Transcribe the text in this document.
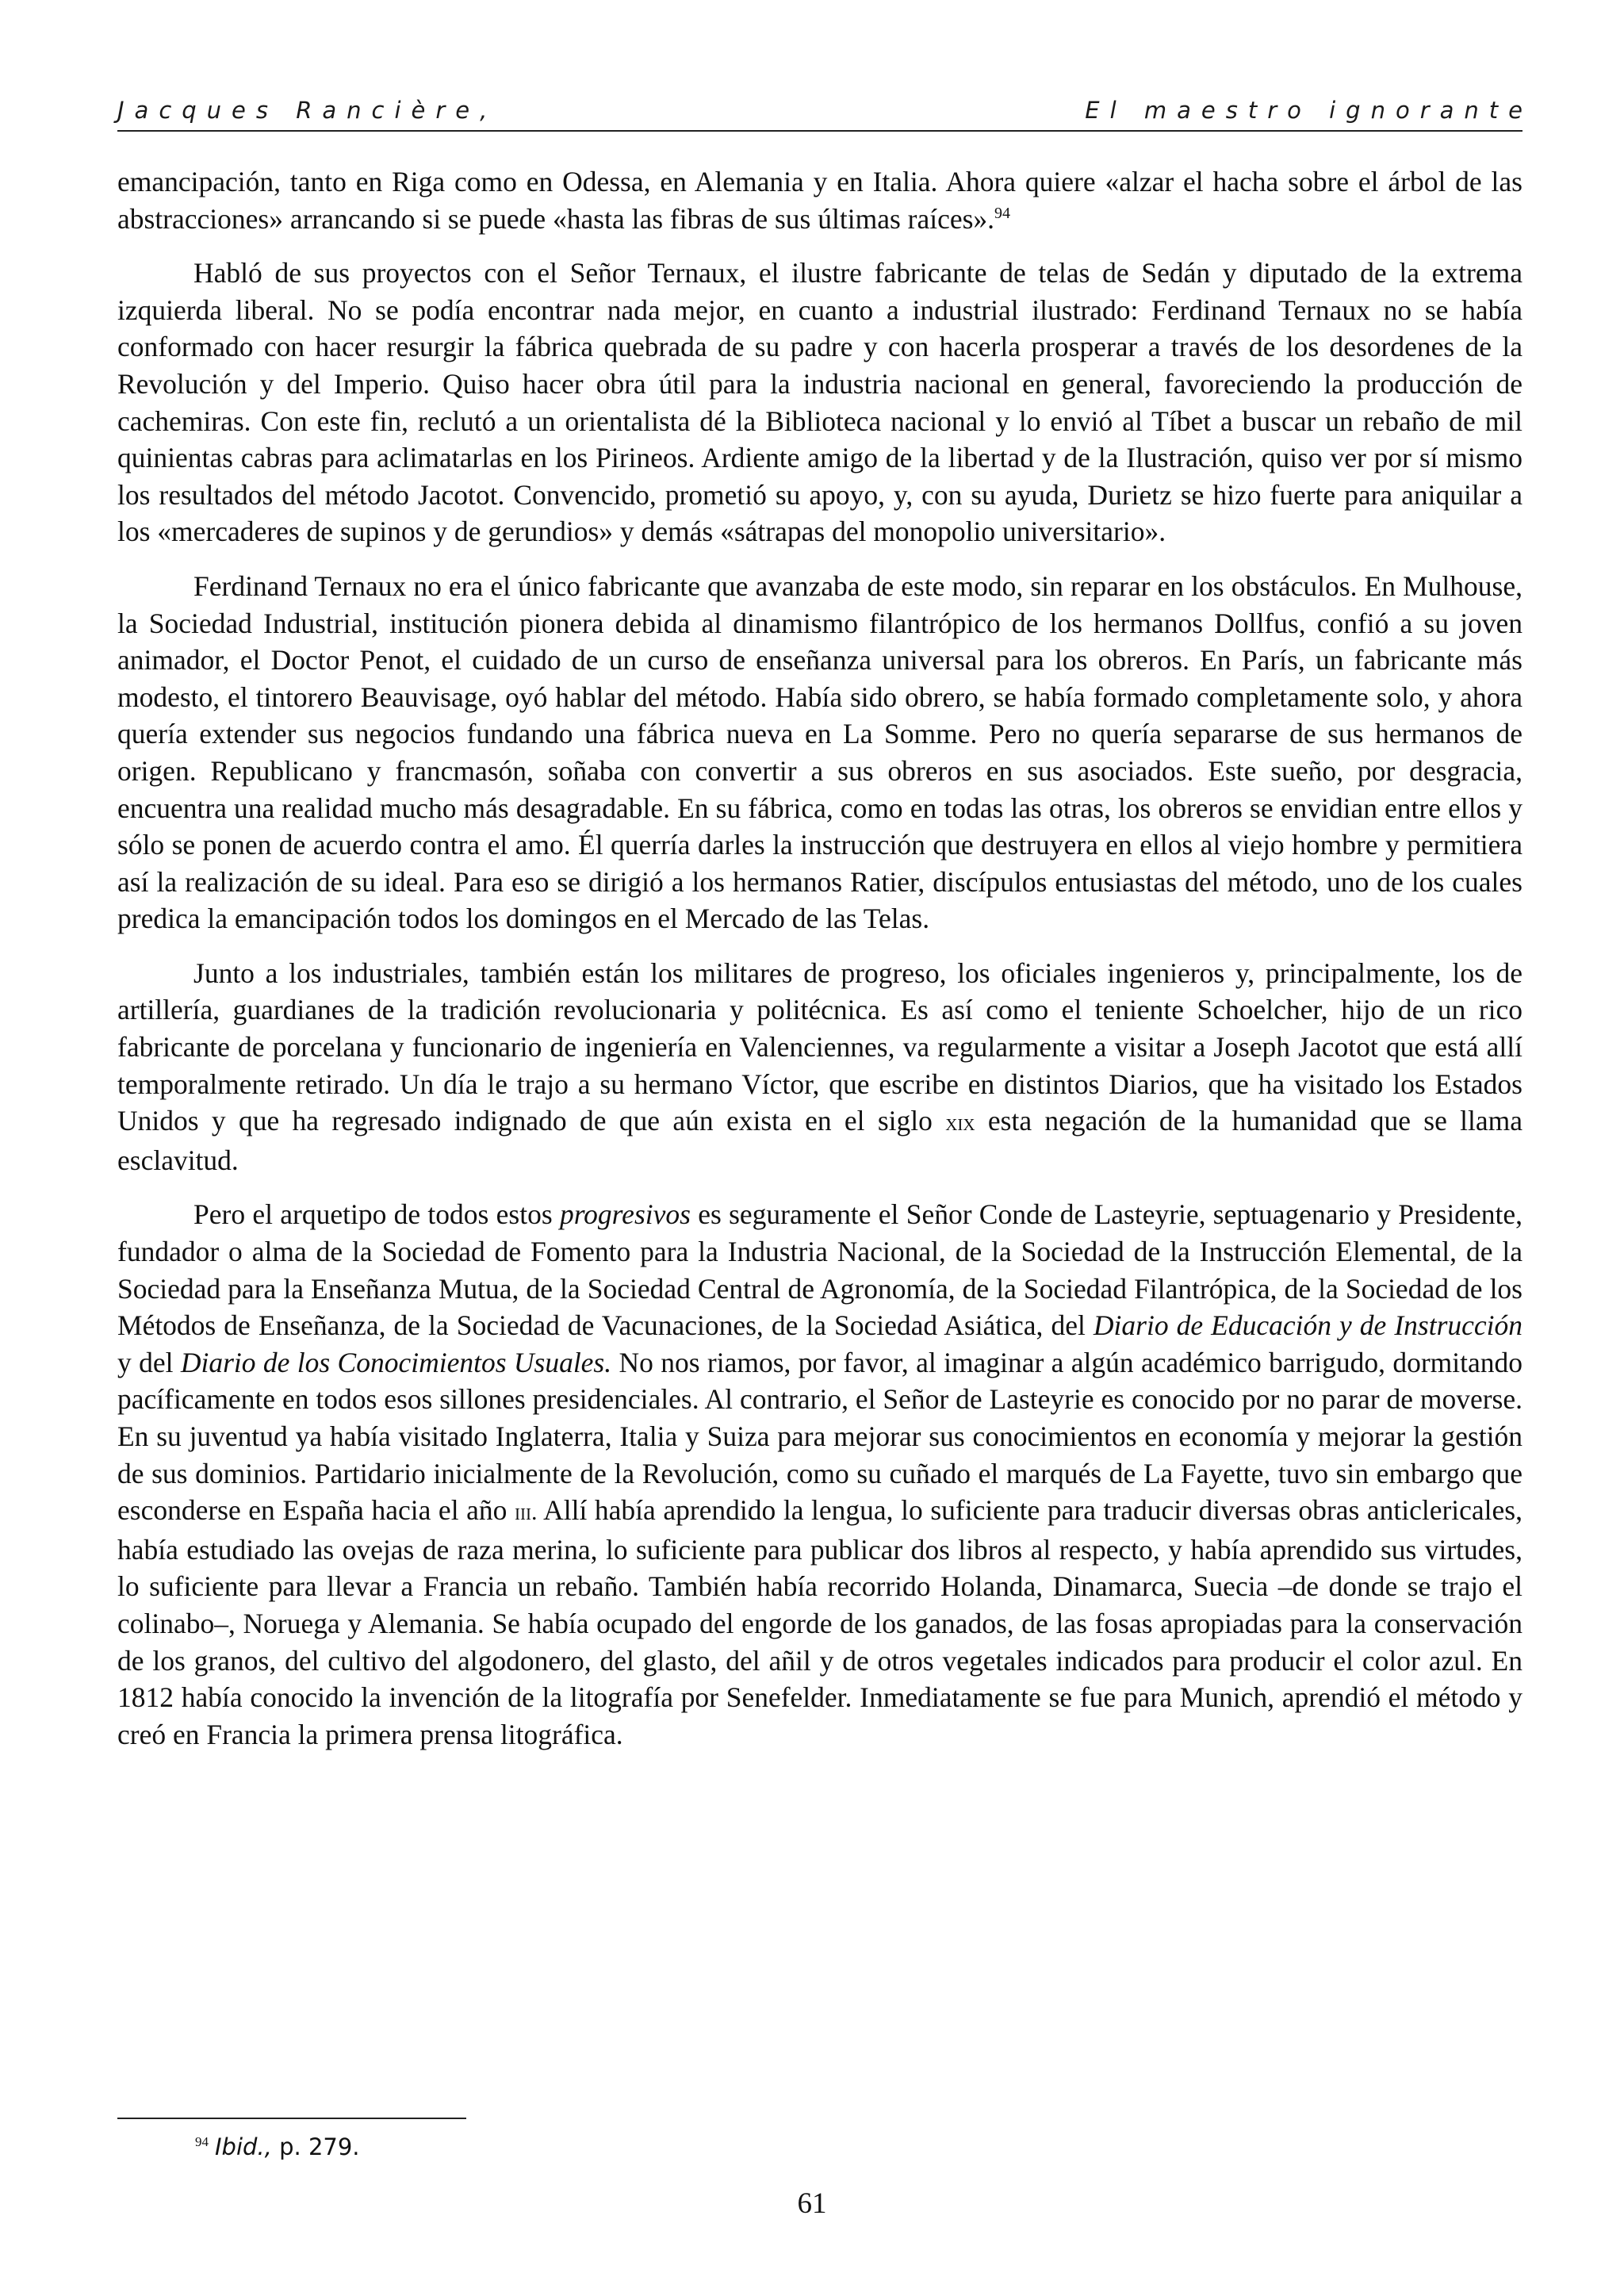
Jacques Rancière,	El maestro ignorante

emancipación, tanto en Riga como en Odessa, en Alemania y en Italia. Ahora quiere «alzar el hacha sobre el árbol de las abstracciones» arrancando si se puede «hasta las fibras de sus últimas raíces».$^{94}$

Habló de sus proyectos con el Señor Ternaux, el ilustre fabricante de telas de Sedán y diputado de la extrema izquierda liberal. No se podía encontrar nada mejor, en cuanto a industrial ilustrado: Ferdinand Ternaux no se había conformado con hacer resurgir la fábrica quebrada de su padre y con hacerla prosperar a través de los desordenes de la Revolución y del Imperio. Quiso hacer obra útil para la industria nacional en general, favoreciendo la producción de cachemiras. Con este fin, reclutó a un orientalista dé la Biblioteca nacional y lo envió al Tíbet a buscar un rebaño de mil quinientas cabras para aclimatarlas en los Pirineos. Ardiente amigo de la libertad y de la Ilustración, quiso ver por sí mismo los resultados del método Jacotot. Convencido, prometió su apoyo, y, con su ayuda, Durietz se hizo fuerte para aniquilar a los «mercaderes de supinos y de gerundios» y demás «sátrapas del monopolio universitario».

Ferdinand Ternaux no era el único fabricante que avanzaba de este modo, sin reparar en los obstáculos. En Mulhouse, la Sociedad Industrial, institución pionera debida al dinamismo filantrópico de los hermanos Dollfus, confió a su joven animador, el Doctor Penot, el cuidado de un curso de enseñanza universal para los obreros. En París, un fabricante más modesto, el tintorero Beauvisage, oyó hablar del método. Había sido obrero, se había formado completamente solo, y ahora quería extender sus negocios fundando una fábrica nueva en La Somme. Pero no quería separarse de sus hermanos de origen. Republicano y francmasón, soñaba con convertir a sus obreros en sus asociados. Este sueño, por desgracia, encuentra una realidad mucho más desagradable. En su fábrica, como en todas las otras, los obreros se envidian entre ellos y sólo se ponen de acuerdo contra el amo. Él querría darles la instrucción que destruyera en ellos al viejo hombre y permitiera así la realización de su ideal. Para eso se dirigió a los hermanos Ratier, discípulos entusiastas del método, uno de los cuales predica la emancipación todos los domingos en el Mercado de las Telas.

Junto a los industriales, también están los militares de progreso, los oficiales ingenieros y, principalmente, los de artillería, guardianes de la tradición revolucionaria y politécnica. Es así como el teniente Schoelcher, hijo de un rico fabricante de porcelana y funcionario de ingeniería en Valenciennes, va regularmente a visitar a Joseph Jacotot que está allí temporalmente retirado. Un día le trajo a su hermano Víctor, que escribe en distintos Diarios, que ha visitado los Estados Unidos y que ha regresado indignado de que aún exista en el siglo xix esta negación de la humanidad que se llama esclavitud.

Pero el arquetipo de todos estos progresivos es seguramente el Señor Conde de Lasteyrie, septuagenario y Presidente, fundador o alma de la Sociedad de Fomento para la Industria Nacional, de la Sociedad de la Instrucción Elemental, de la Sociedad para la Enseñanza Mutua, de la Sociedad Central de Agronomía, de la Sociedad Filantrópica, de la Sociedad de los Métodos de Enseñanza, de la Sociedad de Vacunaciones, de la Sociedad Asiática, del Diario de Educación y de Instrucción y del Diario de los Conocimientos Usuales. No nos riamos, por favor, al imaginar a algún académico barrigudo, dormitando pacíficamente en todos esos sillones presidenciales. Al contrario, el Señor de Lasteyrie es conocido por no parar de moverse. En su juventud ya había visitado Inglaterra, Italia y Suiza para mejorar sus conocimientos en economía y mejorar la gestión de sus dominios. Partidario inicialmente de la Revolución, como su cuñado el marqués de La Fayette, tuvo sin embargo que esconderse en España hacia el año iii. Allí había aprendido la lengua, lo suficiente para traducir diversas obras anticlericales, había estudiado las ovejas de raza merina, lo suficiente para publicar dos libros al respecto, y había aprendido sus virtudes, lo suficiente para llevar a Francia un rebaño. También había recorrido Holanda, Dinamarca, Suecia –de donde se trajo el colinabo–, Noruega y Alemania. Se había ocupado del engorde de los ganados, de las fosas apropiadas para la conservación de los granos, del cultivo del algodonero, del glasto, del añil y de otros vegetales indicados para producir el color azul. En 1812 había conocido la invención de la litografía por Senefelder. Inmediatamente se fue para Munich, aprendió el método y creó en Francia la primera prensa litográfica.

$^{94}$ Ibid., p. 279.
61
